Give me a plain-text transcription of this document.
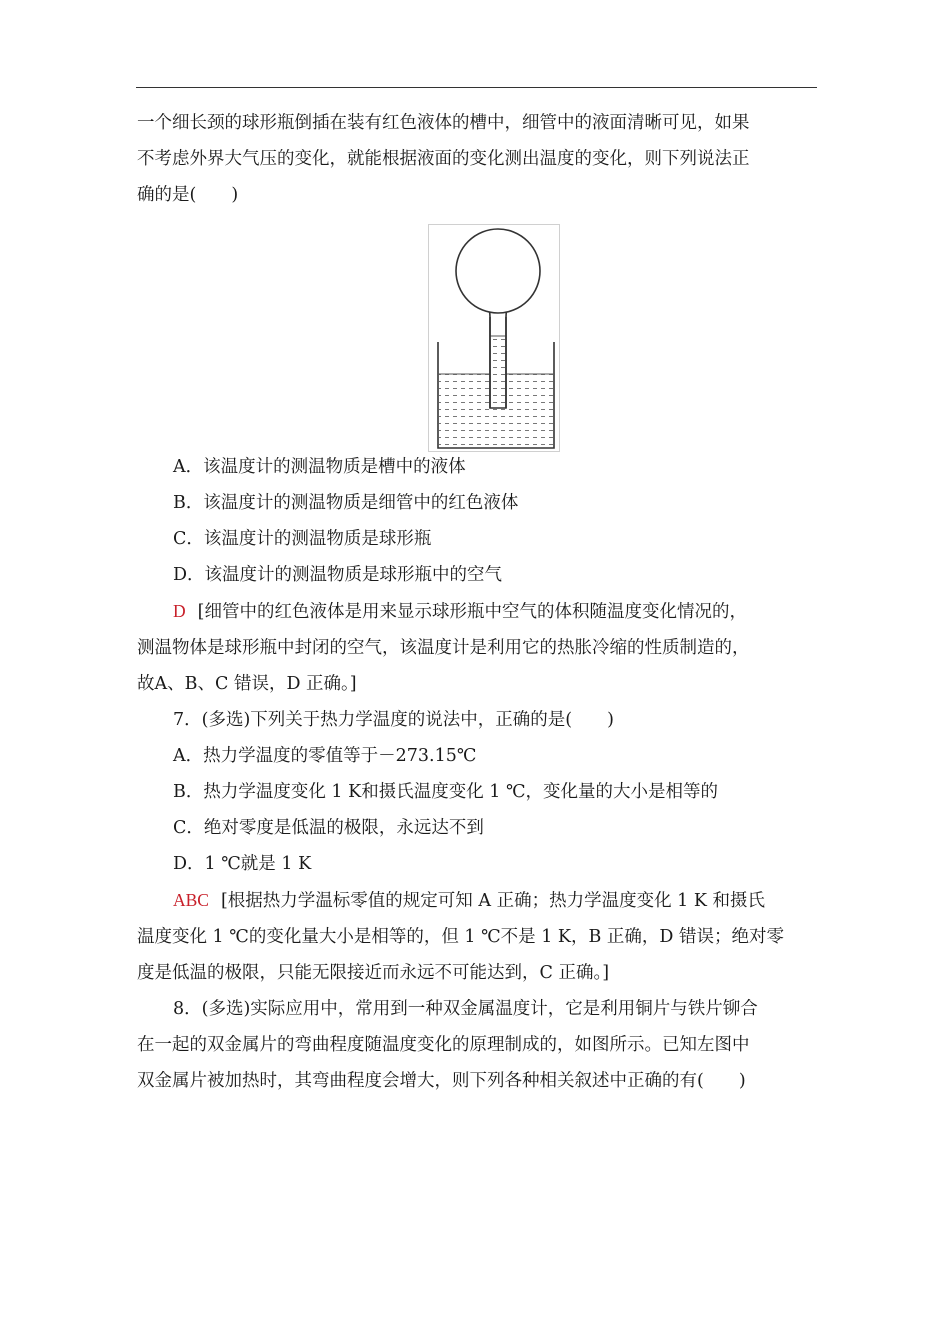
一个细长颈的球形瓶倒插在装有红色液体的槽中，细管中的液面清晰可见，如果

不考虑外界大气压的变化，就能根据液面的变化测出温度的变化，则下列说法正

确的是(　　)

A．该温度计的测温物质是槽中的液体

B．该温度计的测温物质是细管中的红色液体

C．该温度计的测温物质是球形瓶

D．该温度计的测温物质是球形瓶中的空气

D [细管中的红色液体是用来显示球形瓶中空气的体积随温度变化情况的，

测温物体是球形瓶中封闭的空气，该温度计是利用它的热胀冷缩的性质制造的，

故A、B、C 错误，D 正确。]

7．(多选)下列关于热力学温度的说法中，正确的是(　　)

A．热力学温度的零值等于－273.15℃

B．热力学温度变化 1 K和摄氏温度变化 1 ℃，变化量的大小是相等的

C．绝对零度是低温的极限，永远达不到

D．1 ℃就是 1 K

ABC [根据热力学温标零值的规定可知 A 正确；热力学温度变化 1 K 和摄氏

温度变化 1 ℃的变化量大小是相等的，但 1 ℃不是 1 K，B 正确，D 错误；绝对零

度是低温的极限，只能无限接近而永远不可能达到，C 正确。]

8．(多选)实际应用中，常用到一种双金属温度计，它是利用铜片与铁片铆合

在一起的双金属片的弯曲程度随温度变化的原理制成的，如图所示。已知左图中

双金属片被加热时，其弯曲程度会增大，则下列各种相关叙述中正确的有(　　)
